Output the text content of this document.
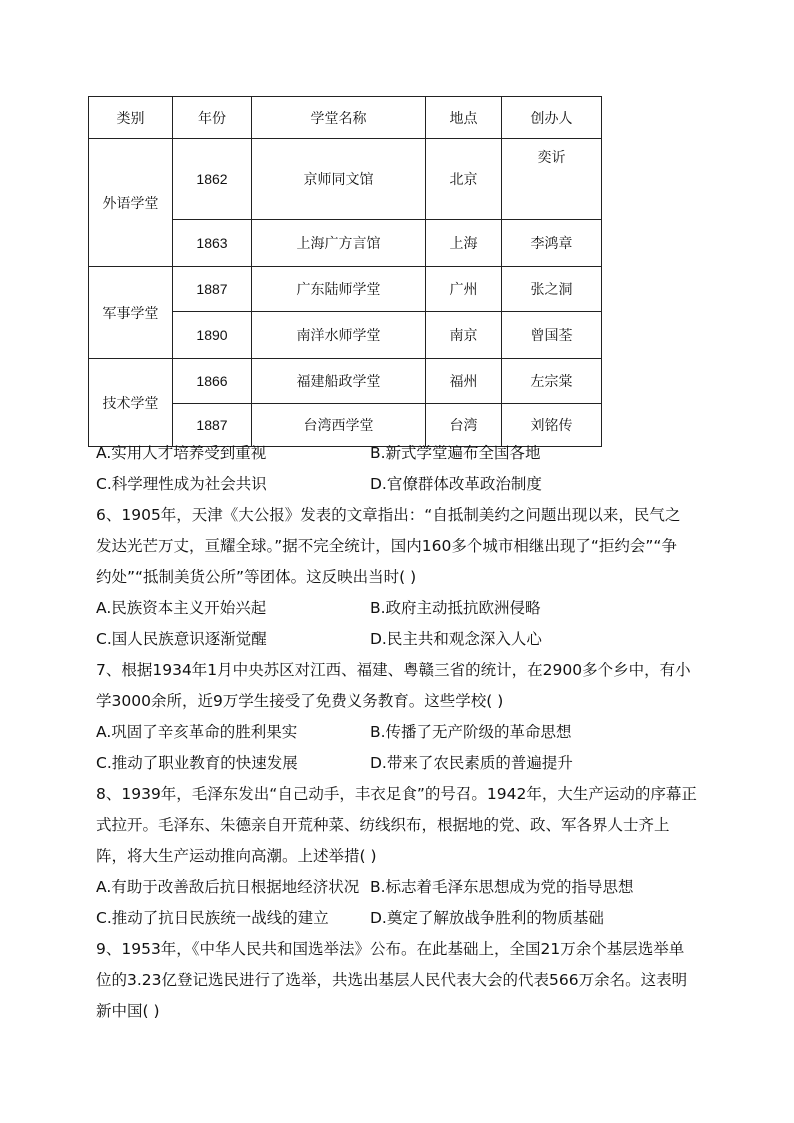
类别	年份	学堂名称	地点	创办人
外语学堂	1862	京师同文馆	北京	奕䜣
	1863	上海广方言馆	上海	李鸿章
军事学堂	1887	广东陆师学堂	广州	张之洞
	1890	南洋水师学堂	南京	曾国荃
技术学堂	1866	福建船政学堂	福州	左宗棠
	1887	台湾西学堂	台湾	刘铭传
A.实用人才培养受到重视	B.新式学堂遍布全国各地
C.科学理性成为社会共识	D.官僚群体改革政治制度
6、1905年，天津《大公报》发表的文章指出：“自抵制美约之问题出现以来，民气之
发达光芒万丈，亘耀全球。”据不完全统计，国内160多个城市相继出现了“拒约会”“争
约处”“抵制美货公所”等团体。这反映出当时( )
A.民族资本主义开始兴起	B.政府主动抵抗欧洲侵略
C.国人民族意识逐渐觉醒	D.民主共和观念深入人心
7、根据1934年1月中央苏区对江西、福建、粤赣三省的统计，在2900多个乡中，有小
学3000余所，近9万学生接受了免费义务教育。这些学校( )
A.巩固了辛亥革命的胜利果实	B.传播了无产阶级的革命思想
C.推动了职业教育的快速发展	D.带来了农民素质的普遍提升
8、1939年，毛泽东发出“自己动手，丰衣足食”的号召。1942年，大生产运动的序幕正
式拉开。毛泽东、朱德亲自开荒种菜、纺线织布，根据地的党、政、军各界人士齐上
阵，将大生产运动推向高潮。上述举措( )
A.有助于改善敌后抗日根据地经济状况 B.标志着毛泽东思想成为党的指导思想
C.推动了抗日民族统一战线的建立	D.奠定了解放战争胜利的物质基础
9、1953年，《中华人民共和国选举法》公布。在此基础上，全国21万余个基层选举单
位的3.23亿登记选民进行了选举，共选出基层人民代表大会的代表566万余名。这表明
新中国( )
